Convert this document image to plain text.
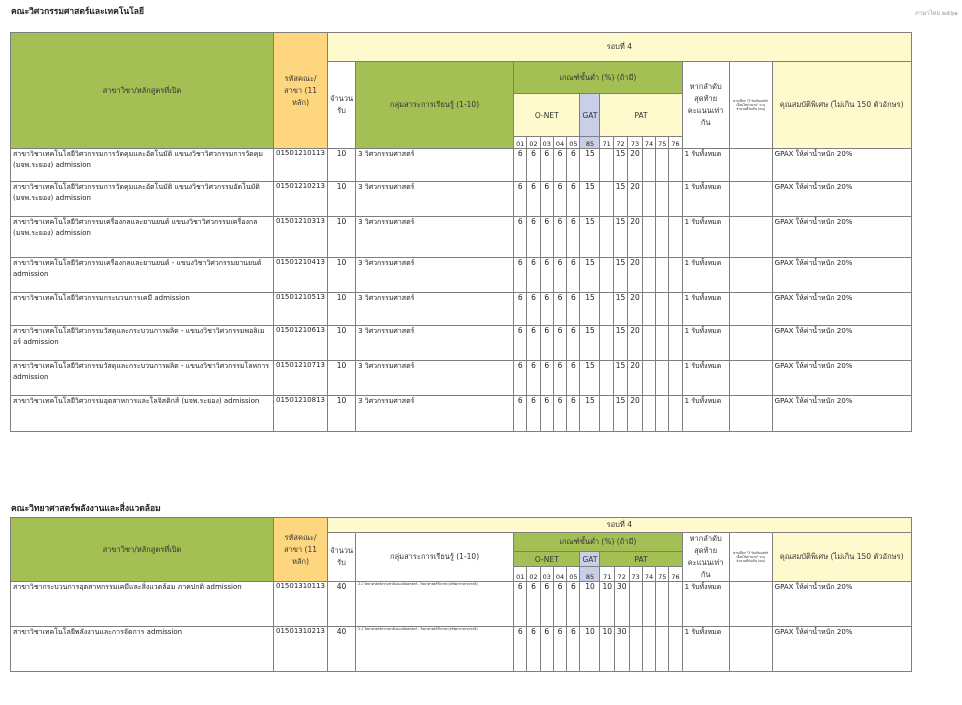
ภาษาไทย ๒๕๖๑
คณะวิศวกรรมศาสตร์และเทคโนโลยี
คณะวิทยาศาสตร์พลังงานและสิ่งแวดล้อม
สาขาวิชา/หลักสูตรที่เปิด	รหัสคณะ/ สาขา (11 หลัก)	รอบที่ 4																
		จำนวน รับ	กลุ่มสาระการเรียนรู้ (1-10)	เกณฑ์ขั้นต่ำ (%) (ถ้ามี)												หากลำดับสุดท้ายคะแนนเท่ากัน	หากเลือก "3 รับเกินแต่ทำเงื่อนไขจำนวน" ระบุจำนวนที่รับเกิน (คน)	คุณสมบัติพิเศษ (ไม่เกิน 150 ตัวอักษร)
				O-NET					GAT	PAT								
				01	02	03	04	05	85	71	72	73	74	75	76			
สาขาวิชาเทคโนโลยีวิศวกรรมการวัดคุมและอัตโนมัติ แขนงวิชาวิศวกรรมการวัดคุม (มจพ.ระยอง) admission	01501210113	10	3 วิศวกรรมศาสตร์	6	6	6	6	6	15		15	20				1 รับทั้งหมด		GPAX ให้ค่าน้ำหนัก 20%
สาขาวิชาเทคโนโลยีวิศวกรรมการวัดคุมและอัตโนมัติ แขนงวิชาวิศวกรรมอัตโนมัติ (มจพ.ระยอง) admission	01501210213	10	3 วิศวกรรมศาสตร์	6	6	6	6	6	15		15	20				1 รับทั้งหมด		GPAX ให้ค่าน้ำหนัก 20%
สาขาวิชาเทคโนโลยีวิศวกรรมเครื่องกลและยานยนต์ แขนงวิชาวิศวกรรมเครื่องกล (มจพ.ระยอง) admission	01501210313	10	3 วิศวกรรมศาสตร์	6	6	6	6	6	15		15	20				1 รับทั้งหมด		GPAX ให้ค่าน้ำหนัก 20%
สาขาวิชาเทคโนโลยีวิศวกรรมเครื่องกลและยานยนต์ - แขนงวิชาวิศวกรรมยานยนต์ admission	01501210413	10	3 วิศวกรรมศาสตร์	6	6	6	6	6	15		15	20				1 รับทั้งหมด		GPAX ให้ค่าน้ำหนัก 20%
สาขาวิชาเทคโนโลยีวิศวกรรมกระบวนการเคมี admission	01501210513	10	3 วิศวกรรมศาสตร์	6	6	6	6	6	15		15	20				1 รับทั้งหมด		GPAX ให้ค่าน้ำหนัก 20%
สาขาวิชาเทคโนโลยีวิศวกรรมวัสดุและกระบวนการผลิต - แขนงวิชาวิศวกรรมพอลิเมอร์ admission	01501210613	10	3 วิศวกรรมศาสตร์	6	6	6	6	6	15		15	20				1 รับทั้งหมด		GPAX ให้ค่าน้ำหนัก 20%
สาขาวิชาเทคโนโลยีวิศวกรรมวัสดุและกระบวนการผลิต - แขนงวิชาวิศวกรรมโลหการ admission	01501210713	10	3 วิศวกรรมศาสตร์	6	6	6	6	6	15		15	20				1 รับทั้งหมด		GPAX ให้ค่าน้ำหนัก 20%
สาขาวิชาเทคโนโลยีวิศวกรรมอุตสาหการและโลจิสติกส์ (มจพ.ระยอง) admission	01501210813	10	3 วิศวกรรมศาสตร์	6	6	6	6	6	15		15	20				1 รับทั้งหมด		GPAX ให้ค่าน้ำหนัก 20%
สาขาวิชา/หลักสูตรที่เปิด	รหัสคณะ/ สาขา (11 หลัก)	รอบที่ 4																
		จำนวน รับ	กลุ่มสาระการเรียนรู้ (1-10)	เกณฑ์ขั้นต่ำ (%) (ถ้ามี)												หากลำดับสุดท้ายคะแนนเท่ากัน	หากเลือก "3 รับเกินแต่ทำเงื่อนไขจำนวน" ระบุจำนวนที่รับเกิน (คน)	คุณสมบัติพิเศษ (ไม่เกิน 150 ตัวอักษร)
				O-NET					GAT	PAT								
				01	02	03	04	05	85	71	72	73	74	75	76			
สาขาวิชากระบวนการอุตสาหกรรมเคมีและสิ่งแวดล้อม ภาคปกติ admission	01501310113	40	2.1 วิทยาศาสตร์ธรรมชาติและคณิตศาสตร์ - วิทยาศาสตร์ชีวภาพ (ทรัพยากรธรรมชาติ)	6	6	6	6	6	10	10	30					1 รับทั้งหมด		GPAX ให้ค่าน้ำหนัก 20%
สาขาวิชาเทคโนโลยีพลังงานและการจัดการ admission	01501310213	40	2.1 วิทยาศาสตร์ธรรมชาติและคณิตศาสตร์ - วิทยาศาสตร์ชีวภาพ (ทรัพยากรธรรมชาติ)	6	6	6	6	6	10	10	30					1 รับทั้งหมด		GPAX ให้ค่าน้ำหนัก 20%
